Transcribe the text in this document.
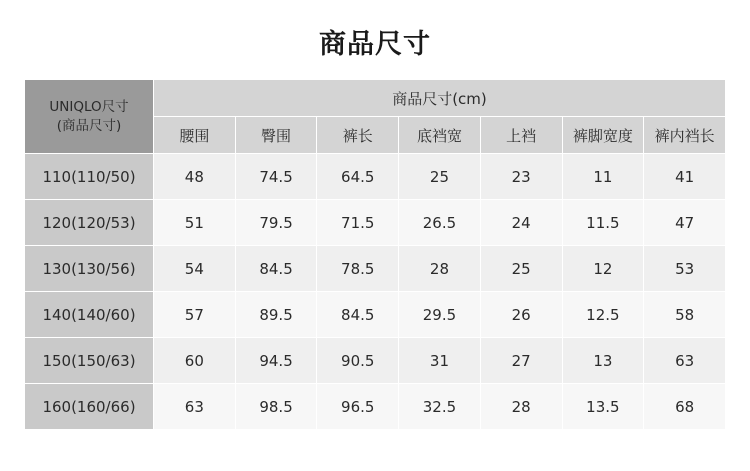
商品尺寸
UNIQLO尺寸
(商品尺寸)	商品尺寸(cm)						
	腰围	臀围	裤长	底裆宽	上裆	裤脚宽度	裤内裆长
110(110/50)	48	74.5	64.5	25	23	11	41
120(120/53)	51	79.5	71.5	26.5	24	11.5	47
130(130/56)	54	84.5	78.5	28	25	12	53
140(140/60)	57	89.5	84.5	29.5	26	12.5	58
150(150/63)	60	94.5	90.5	31	27	13	63
160(160/66)	63	98.5	96.5	32.5	28	13.5	68
